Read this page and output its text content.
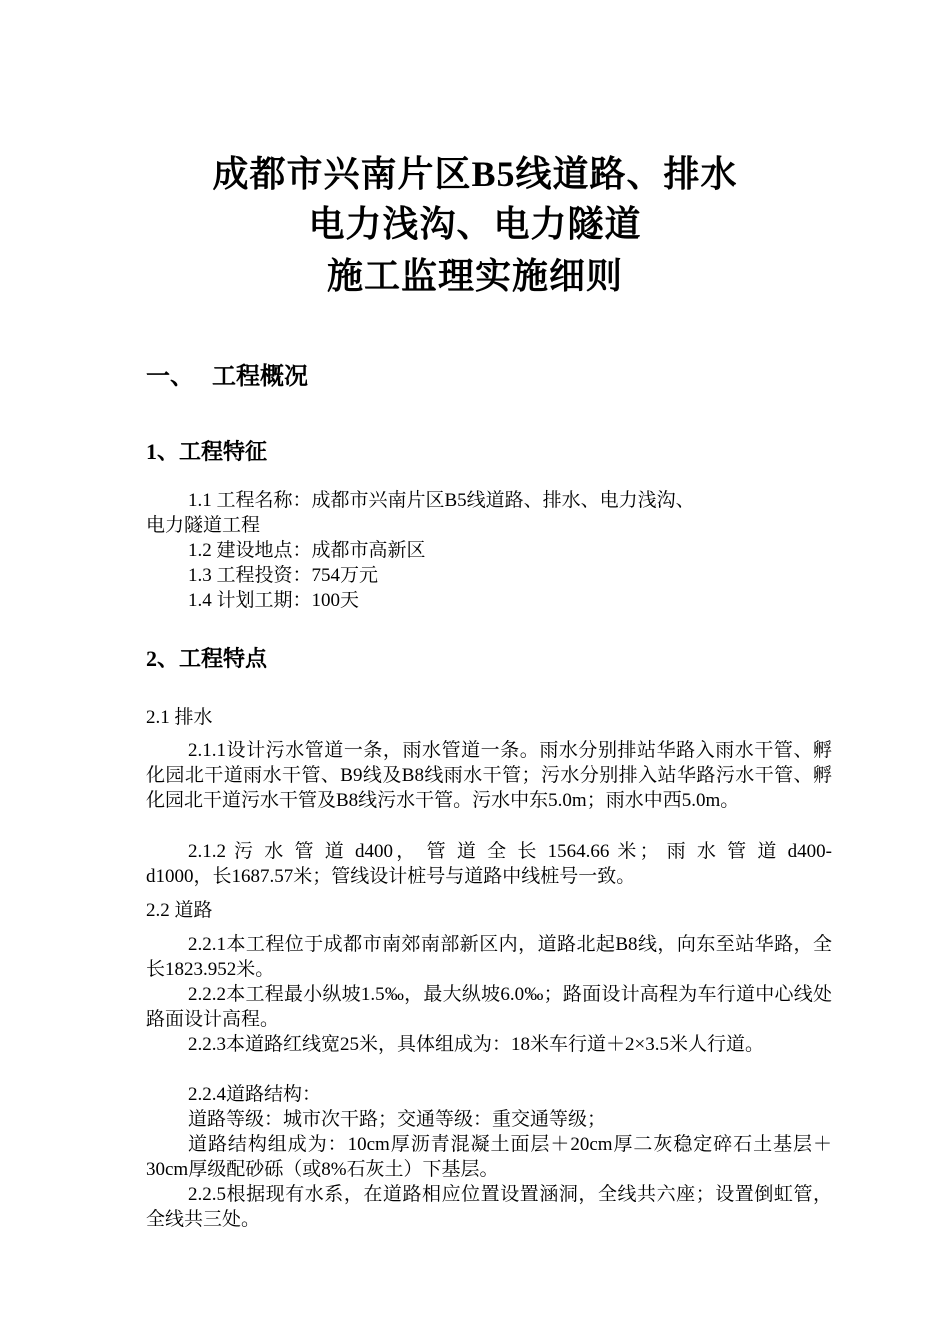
成都市兴南片区B5线道路、排水
电力浅沟、电力隧道
施工监理实施细则
一、 工程概况
1、工程特征
1.1 工程名称：成都市兴南片区B5线道路、排水、电力浅沟、
电力隧道工程
1.2 建设地点：成都市高新区
1.3 工程投资：754万元
1.4 计划工期：100天
2、工程特点
2.1 排水
2.1.1设计污水管道一条，雨水管道一条。雨水分别排站华路入雨水干管、孵化园北干道雨水干管、B9线及B8线雨水干管；污水分别排入站华路污水干管、孵化园北干道污水干管及B8线污水干管。污水中东5.0m；雨水中西5.0m。
2.1.2 污 水 管 道 d400， 管 道 全 长 1564.66 米； 雨 水 管 道 d400-
d1000，长1687.57米；管线设计桩号与道路中线桩号一致。
2.2 道路
2.2.1本工程位于成都市南郊南部新区内，道路北起B8线，向东至站华路，全长1823.952米。
2.2.2本工程最小纵坡1.5‰，最大纵坡6.0‰；路面设计高程为车行道中心线处路面设计高程。
2.2.3本道路红线宽25米，具体组成为：18米车行道＋2×3.5米人行道。
2.2.4道路结构：
道路等级：城市次干路；交通等级：重交通等级；
道路结构组成为：10cm厚沥青混凝土面层＋20cm厚二灰稳定碎石土基层＋30cm厚级配砂砾（或8%石灰土）下基层。
2.2.5根据现有水系，在道路相应位置设置涵洞，全线共六座；设置倒虹管，全线共三处。
